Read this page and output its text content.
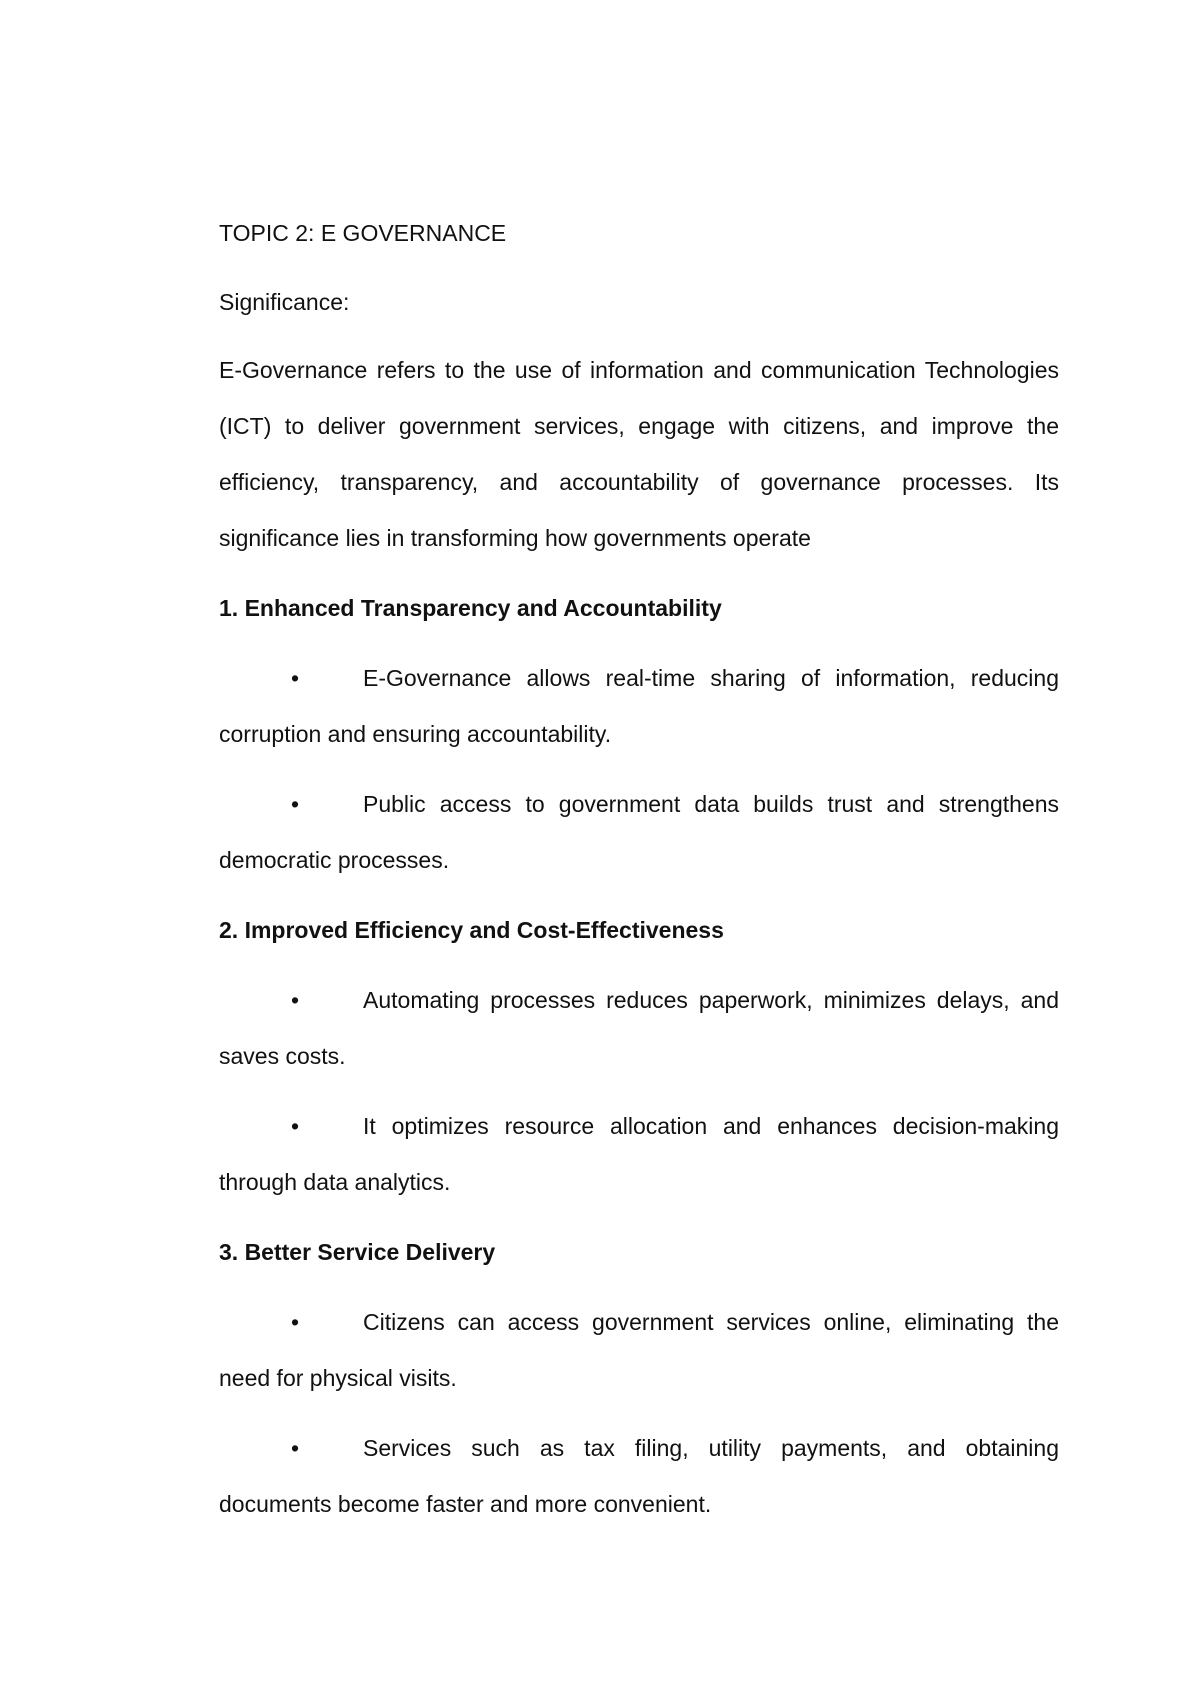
TOPIC 2: E GOVERNANCE

Significance:

E-Governance refers to the use of information and communication Technologies (ICT) to deliver government services, engage with citizens, and improve the efficiency, transparency, and accountability of governance processes. Its significance lies in transforming how governments operate

1. Enhanced Transparency and Accountability

•	E-Governance allows real-time sharing of information, reducing corruption and ensuring accountability.

•	Public access to government data builds trust and strengthens democratic processes.

2. Improved Efficiency and Cost-Effectiveness

•	Automating processes reduces paperwork, minimizes delays, and saves costs.

•	It optimizes resource allocation and enhances decision-making through data analytics.

3. Better Service Delivery

•	Citizens can access government services online, eliminating the need for physical visits.

•	Services such as tax filing, utility payments, and obtaining documents become faster and more convenient.
